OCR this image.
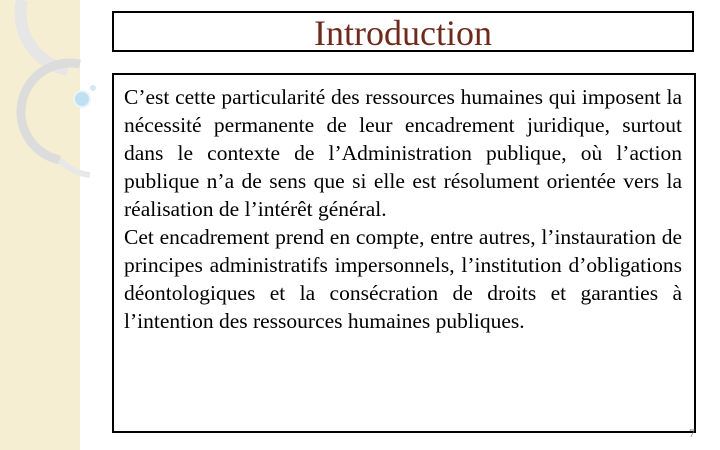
Introduction

C’est cette particularité des ressources humaines qui imposent la nécessité permanente de leur encadrement juridique, surtout dans le contexte de l’Administration publique, où l’action publique n’a de sens que si elle est résolument orientée vers la réalisation de l’intérêt général.

Cet encadrement prend en compte, entre autres, l’instauration de principes administratifs impersonnels, l’institution d’obligations déontologiques et la consécration de droits et garanties à l’intention des ressources humaines publiques.

7
